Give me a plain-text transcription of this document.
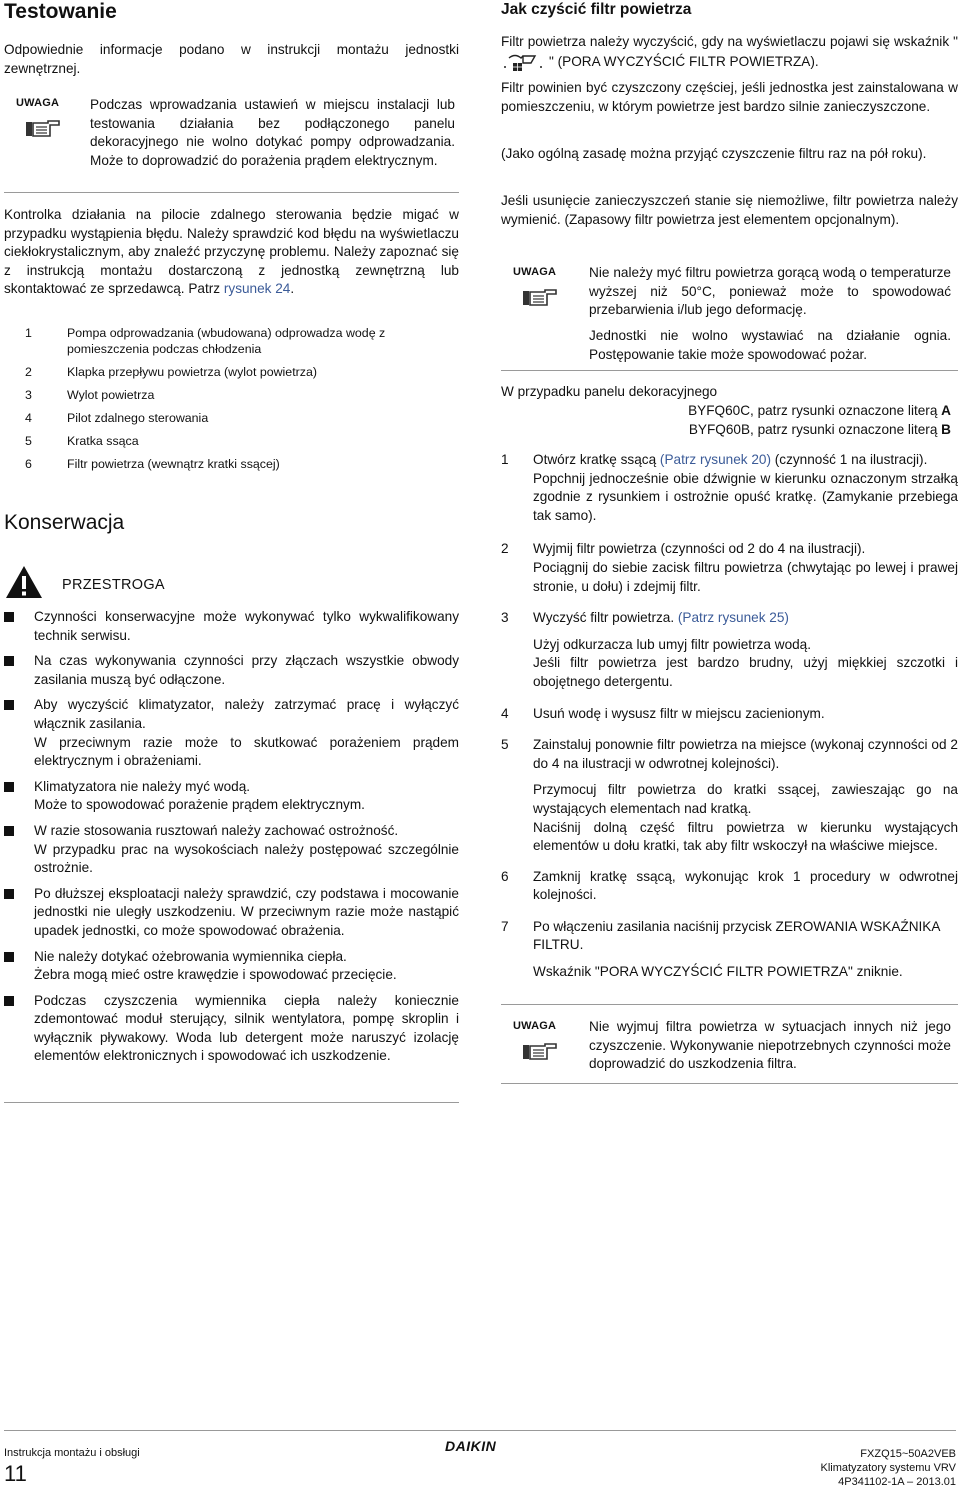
Testowanie

Odpowiednie informacje podano w instrukcji montażu jednostki zewnętrznej.

UWAGA Podczas wprowadzania ustawień w miejscu instalacji lub testowania działania bez podłączonego panelu dekoracyjnego nie wolno dotykać pompy odprowadzania. Może to doprowadzić do porażenia prądem elektrycznym.

Kontrolka działania na pilocie zdalnego sterowania będzie migać w przypadku wystąpienia błędu. Należy sprawdzić kod błędu na wyświetlaczu ciekłokrystalicznym, aby znaleźć przyczynę problemu. Należy zapoznać się z instrukcją montażu dostarczoną z jednostką zewnętrzną lub skontaktować ze sprzedawcą. Patrz rysunek 24.

1	Pompa odprowadzania (wbudowana) odprowadza wodę z pomieszczenia podczas chłodzenia
2	Klapka przepływu powietrza (wylot powietrza)
3	Wylot powietrza
4	Pilot zdalnego sterowania
5	Kratka ssąca
6	Filtr powietrza (wewnątrz kratki ssącej)
Konserwacja
PRZESTROGA

Czynności konserwacyjne może wykonywać tylko wykwalifikowany technik serwisu.

Na czas wykonywania czynności przy złączach wszystkie obwody zasilania muszą być odłączone.

Aby wyczyścić klimatyzator, należy zatrzymać pracę i wyłączyć włącznik zasilania.
W przeciwnym razie może to skutkować porażeniem prądem elektrycznym i obrażeniami.

Klimatyzatora nie należy myć wodą.
Może to spowodować porażenie prądem elektrycznym.

W razie stosowania rusztowań należy zachować ostrożność.
W przypadku prac na wysokościach należy postępować szczególnie ostrożnie.

Po dłuższej eksploatacji należy sprawdzić, czy podstawa i mocowanie jednostki nie uległy uszkodzeniu. W przeciwnym razie może nastąpić upadek jednostki, co może spowodować obrażenia.

Nie należy dotykać ożebrowania wymiennika ciepła.
Żebra mogą mieć ostre krawędzie i spowodować przecięcie.

Podczas czyszczenia wymiennika ciepła należy koniecznie zdemontować moduł sterujący, silnik wentylatora, pompę skroplin i wyłącznik pływakowy. Woda lub detergent może naruszyć izolację elementów elektronicznych i spowodować ich uszkodzenie.

Jak czyścić filtr powietrza

Filtr powietrza należy wyczyścić, gdy na wyświetlaczu pojawi się wskaźnik "" (PORA WYCZYŚCIĆ FILTR POWIETRZA).

Filtr powinien być czyszczony częściej, jeśli jednostka jest zainstalowana w pomieszczeniu, w którym powietrze jest bardzo silnie zanieczyszczone.

(Jako ogólną zasadę można przyjąć czyszczenie filtru raz na pół roku).

Jeśli usunięcie zanieczyszczeń stanie się niemożliwe, filtr powietrza należy wymienić. (Zapasowy filtr powietrza jest elementem opcjonalnym).

UWAGA Nie należy myć filtru powietrza gorącą wodą o temperaturze wyższej niż 50°C, ponieważ może to spowodować przebarwienia i/lub jego deformację.

Jednostki nie wolno wystawiać na działanie ognia. Postępowanie takie może spowodować pożar.

W przypadku panelu dekoracyjnego

BYFQ60C, patrz rysunki oznaczone literą A

BYFQ60B, patrz rysunki oznaczone literą B

1	Otwórz kratkę ssącą (Patrz rysunek 20) (czynność 1 na ilustracji).

Popchnij jednocześnie obie dźwignie w kierunku oznaczonym strzałką zgodnie z rysunkiem i ostrożnie opuść kratkę. (Zamykanie przebiega tak samo).

2	Wyjmij filtr powietrza (czynności od 2 do 4 na ilustracji).
Pociągnij do siebie zacisk filtru powietrza (chwytając po lewej i prawej stronie, u dołu) i zdejmij filtr.

3	Wyczyść filtr powietrza. (Patrz rysunek 25)

Użyj odkurzacza lub umyj filtr powietrza wodą.
Jeśli filtr powietrza jest bardzo brudny, użyj miękkiej szczotki i obojętnego detergentu.

4	Usuń wodę i wysusz filtr w miejscu zacienionym.

5	Zainstaluj ponownie filtr powietrza na miejsce (wykonaj czynności od 2 do 4 na ilustracji w odwrotnej kolejności).

Przymocuj filtr powietrza do kratki ssącej, zawieszając go na wystających elementach nad kratką.
Naciśnij dolną część filtru powietrza w kierunku wystających elementów u dołu kratki, tak aby filtr wskoczył na właściwe miejsce.

6	Zamknij kratkę ssącą, wykonując krok 1 procedury w odwrotnej kolejności.

7	Po włączeniu zasilania naciśnij przycisk ZEROWANIA WSKAŹNIKA FILTRU.

Wskaźnik "PORA WYCZYŚCIĆ FILTR POWIETRZA" zniknie.

UWAGA Nie wyjmuj filtra powietrza w sytuacjach innych niż jego czyszczenie. Wykonywanie niepotrzebnych czynności może doprowadzić do uszkodzenia filtra.

Instrukcja montażu i obsługi
11
DAIKIN	FXZQ15~50A2VEB
Klimatyzatory systemu VRV
4P341102-1A – 2013.01
